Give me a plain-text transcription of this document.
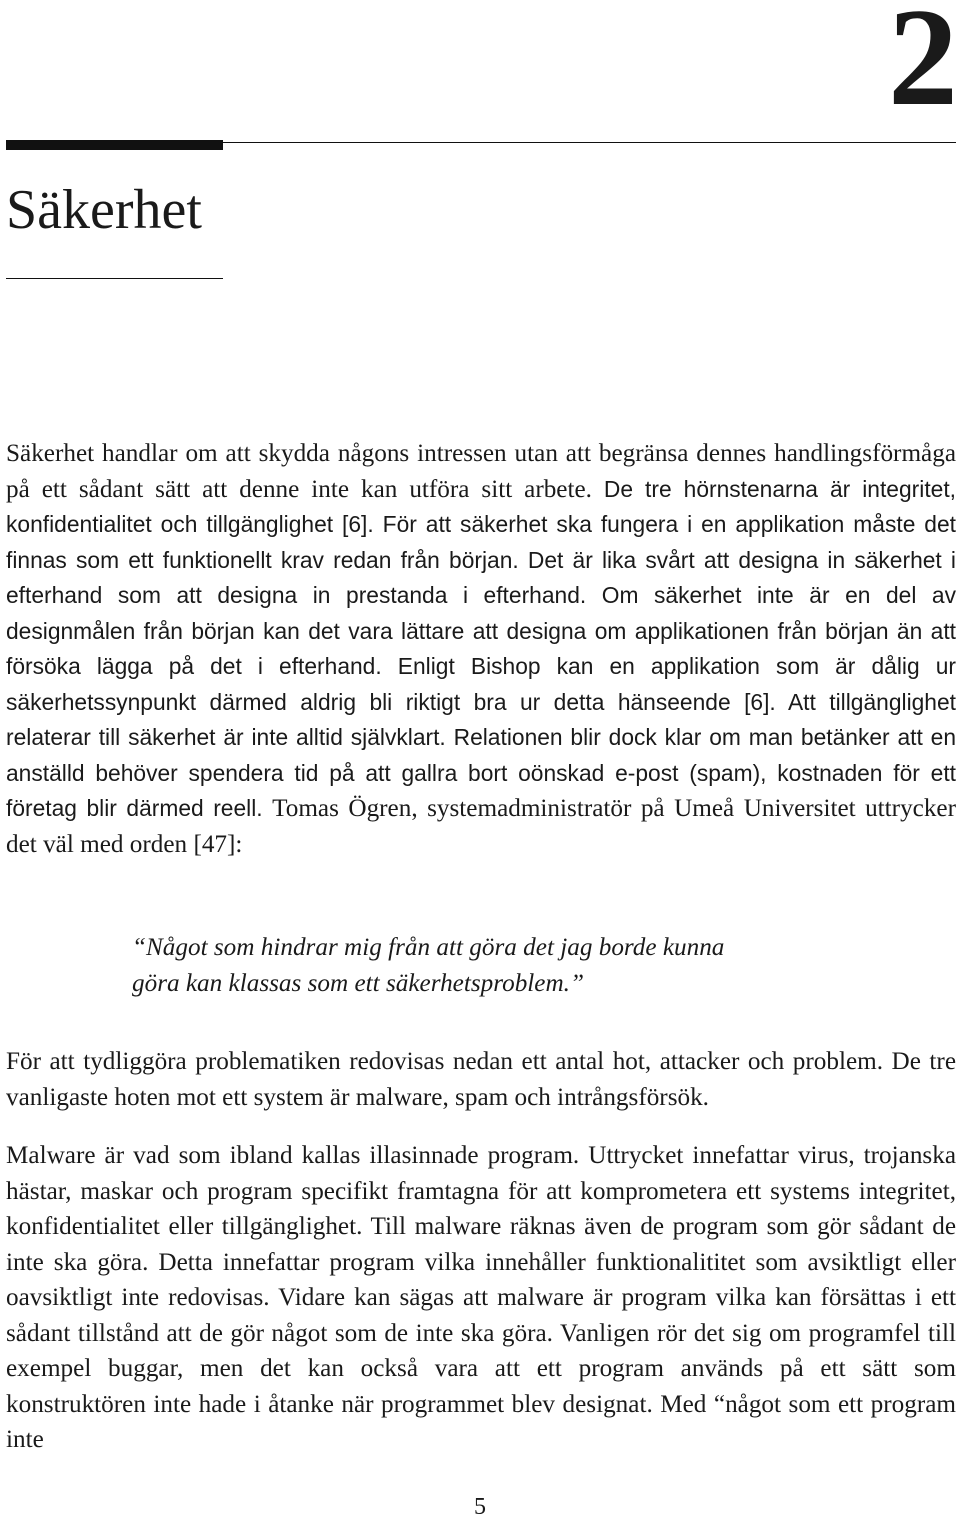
2
Säkerhet

Säkerhet handlar om att skydda någons intressen utan att begränsa dennes handlingsförmåga på ett sådant sätt att denne inte kan utföra sitt arbete. De tre hörnstenarna är integritet, konfidentialitet och tillgänglighet [6]. För att säkerhet ska fungera i en applikation måste det finnas som ett funktionellt krav redan från början. Det är lika svårt att designa in säkerhet i efterhand som att designa in prestanda i efterhand. Om säkerhet inte är en del av designmålen från början kan det vara lättare att designa om applikationen från början än att försöka lägga på det i efterhand. Enligt Bishop kan en applikation som är dålig ur säkerhetssynpunkt därmed aldrig bli riktigt bra ur detta hänseende [6]. Att tillgänglighet relaterar till säkerhet är inte alltid självklart. Relationen blir dock klar om man betänker att en anställd behöver spendera tid på att gallra bort oönskad e-post (spam), kostnaden för ett företag blir därmed reell. Tomas Ögren, systemadministratör på Umeå Universitet uttrycker det väl med orden [47]:

“Något som hindrar mig från att göra det jag borde kunna
göra kan klassas som ett säkerhetsproblem.”

För att tydliggöra problematiken redovisas nedan ett antal hot, attacker och problem. De tre vanligaste hoten mot ett system är malware, spam och intrångsförsök.

Malware är vad som ibland kallas illasinnade program. Uttrycket innefattar virus, trojanska hästar, maskar och program specifikt framtagna för att komprometera ett systems integritet, konfidentialitet eller tillgänglighet. Till malware räknas även de program som gör sådant de inte ska göra. Detta innefattar program vilka innehåller funktionalititet som avsiktligt eller oavsiktligt inte redovisas. Vidare kan sägas att malware är program vilka kan försättas i ett sådant tillstånd att de gör något som de inte ska göra. Vanligen rör det sig om programfel till exempel buggar, men det kan också vara att ett program används på ett sätt som konstruktören inte hade i åtanke när programmet blev designat. Med “något som ett program inte

5
